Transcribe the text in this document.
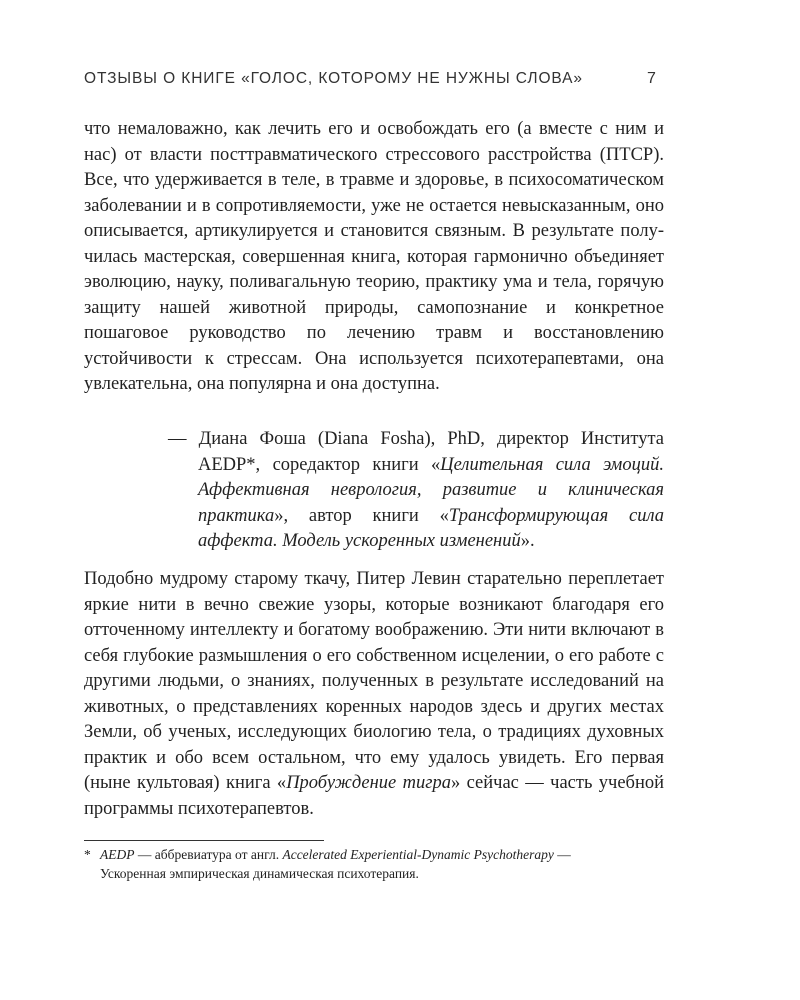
ОТЗЫВЫ О КНИГЕ «ГОЛОС, КОТОРОМУ НЕ НУЖНЫ СЛОВА»	7

что немаловажно, как лечить его и освобождать его (а вместе с ним и нас) от власти посттравматического стрессового расстройства (ПТСР). Все, что удерживается в теле, в травме и здоровье, в психосоматическом заболевании и в сопротивляемости, уже не остается невысказанным, оно описывается, артикулируется и становится связным. В результате получилась мастерская, совершенная книга, которая гармонично объединяет эволюцию, науку, поливагальную теорию, практику ума и тела, горячую защиту нашей животной природы, самопознание и конкретное пошаговое руководство по лечению травм и восстановлению устойчивости к стрессам. Она используется психотерапевтами, она увлекательна, она популярна и она доступна.

— Диана Фоша (Diana Fosha), PhD, директор Института AEDP*, соредактор книги «Целительная сила эмоций. Аффективная неврология, развитие и клиническая практика», автор книги «Трансформирующая сила аффекта. Модель ускоренных изменений».

Подобно мудрому старому ткачу, Питер Левин старательно переплетает яркие нити в вечно свежие узоры, которые возникают благодаря его отточенному интеллекту и богатому воображению. Эти нити включают в себя глубокие размышления о его собственном исцелении, о его работе с другими людьми, о знаниях, полученных в результате исследований на животных, о представлениях коренных народов здесь и других местах Земли, об ученых, исследующих биологию тела, о традициях духовных практик и обо всем остальном, что ему удалось увидеть. Его первая (ныне культовая) книга «Пробуждение тигра» сейчас — часть учебной программы психотерапевтов.

* AEDP — аббревиатура от англ. Accelerated Experiential-Dynamic Psychotherapy —
Ускоренная эмпирическая динамическая психотерапия.
